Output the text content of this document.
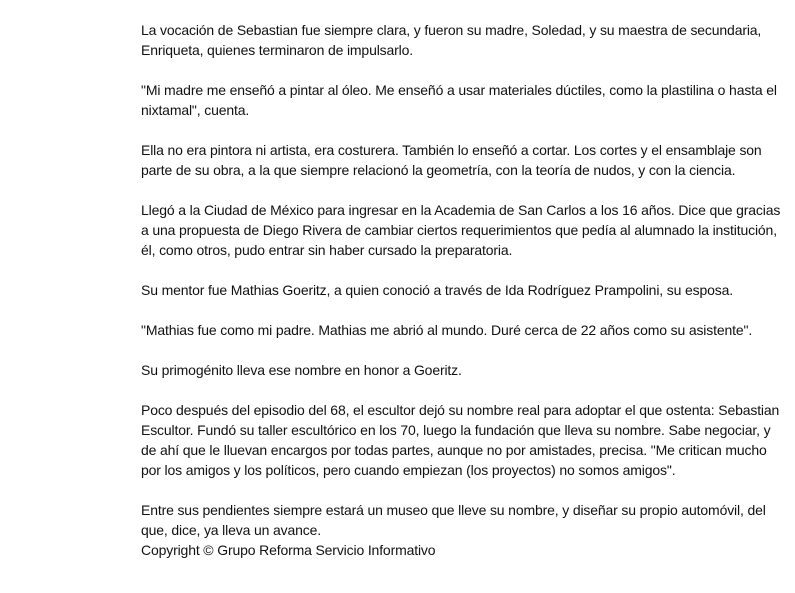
La vocación de Sebastian fue siempre clara, y fueron su madre, Soledad, y su maestra de secundaria, Enriqueta, quienes terminaron de impulsarlo.

"Mi madre me enseñó a pintar al óleo. Me enseñó a usar materiales dúctiles, como la plastilina o hasta el nixtamal", cuenta.

Ella no era pintora ni artista, era costurera. También lo enseñó a cortar. Los cortes y el ensamblaje son parte de su obra, a la que siempre relacionó la geometría, con la teoría de nudos, y con la ciencia.

Llegó a la Ciudad de México para ingresar en la Academia de San Carlos a los 16 años. Dice que gracias a una propuesta de Diego Rivera de cambiar ciertos requerimientos que pedía al alumnado la institución, él, como otros, pudo entrar sin haber cursado la preparatoria.

Su mentor fue Mathias Goeritz, a quien conoció a través de Ida Rodríguez Prampolini, su esposa.

"Mathias fue como mi padre. Mathias me abrió al mundo. Duré cerca de 22 años como su asistente".

Su primogénito lleva ese nombre en honor a Goeritz.

Poco después del episodio del 68, el escultor dejó su nombre real para adoptar el que ostenta: Sebastian Escultor. Fundó su taller escultórico en los 70, luego la fundación que lleva su nombre. Sabe negociar, y de ahí que le lluevan encargos por todas partes, aunque no por amistades, precisa. "Me critican mucho por los amigos y los políticos, pero cuando empiezan (los proyectos) no somos amigos".

Entre sus pendientes siempre estará un museo que lleve su nombre, y diseñar su propio automóvil, del que, dice, ya lleva un avance.

Copyright © Grupo Reforma Servicio Informativo
